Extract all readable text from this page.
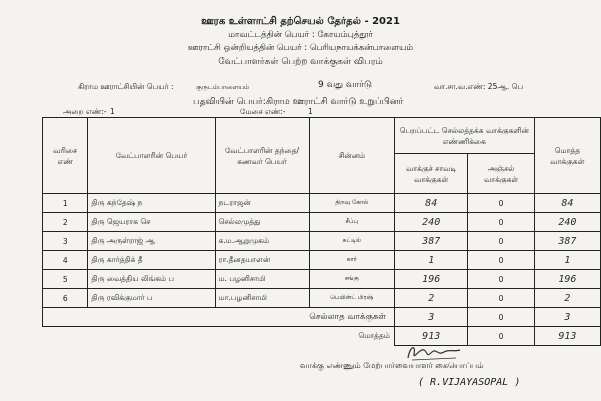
ஊரக உள்ளாட்சி தற்செயல் தேர்தல் - 2021
மாவட்டத்தின் பெயர் : கோயம்புத்தூர்
ஊராட்சி ஒன்றியத்தின் பெயர் : பெரியநாயக்கன்பாளையம்
வேட்பாளர்கள் பெற்ற வாக்குகள் விபரம்
கிராம ஊராட்சியின் பெயர் :	குருடம்பாளையம்	9 வது வார்டு	வா.சா.வ.எண்: 25ஆ. பெ
பதவியின் பெயர்:கிராம ஊராட்சி வார்டு உறுப்பினர்
அறை எண்:- 1	மேசை எண்:-	1
வரிசை எண்	வேட்பாளரின் பெயர்	வேட்பாளரின் தந்தை/கணவர் பெயர்	சின்னம்	பெறப்பட்ட செல்லத்தக்க வாக்குகளின் எண்ணிக்கை		மொத்த வாக்குகள்
				வாக்குச் சாவடி வாக்குகள்	அஞ்சல் வாக்குகள்	
1	திரு கந்தேஷ் ந	நடராஜன்	திறவு கோல்	84	0	84
2	திரு ஜெயராக செ	செல்லமுத்து	சீப்பு	240	0	240
3	திரு அருள்ராஜ் ஆ	க.ம.ஆறுமுகம்	கட்டில்	387	0	387
4	திரு கார்த்திக் தீ	ரா.தீனதயாளன்	கார்	1	0	1
5	திரு வைத்திய லிங்கம் ப	ம. பழனிசாமி	சங்கு	196	0	196
6	திரு ரவிக்குமார் ப	மா.பழனிசாமி	பெயின்ட் பிரஷ்	2	0	2
செல்லாத வாக்குகள்				3	0	3
மொத்தம்				913	0	913
வாக்கு எண்ணும் மேற்பார்வையாளர் கையொப்பம்
( R.VIJAYASOPAL )
